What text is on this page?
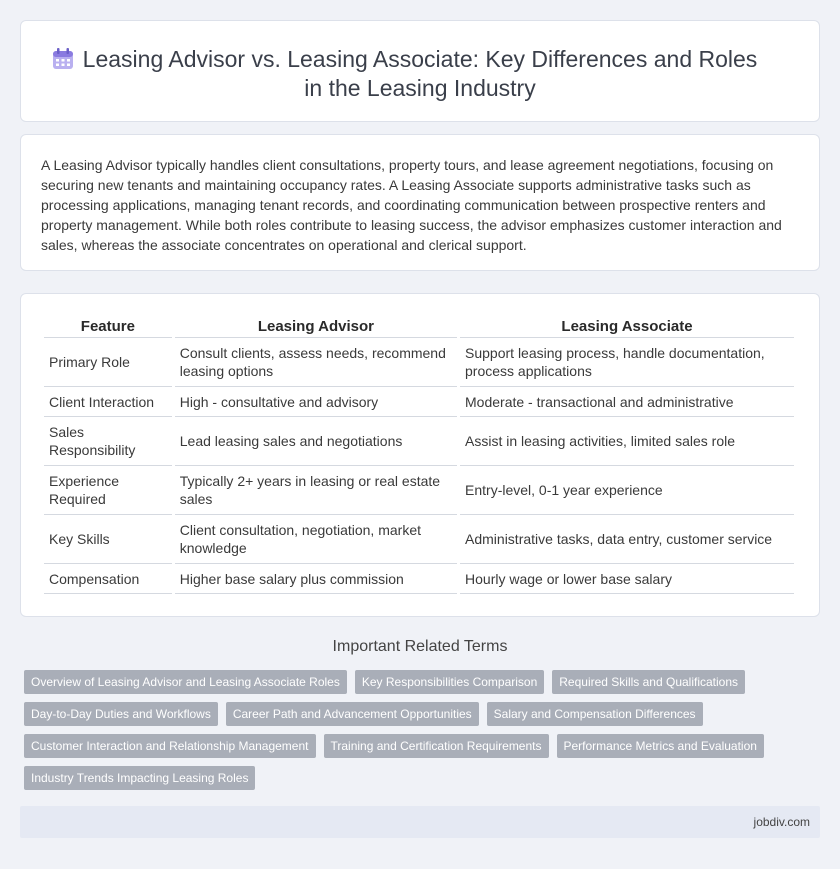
Leasing Advisor vs. Leasing Associate: Key Differences and Roles in the Leasing Industry

A Leasing Advisor typically handles client consultations, property tours, and lease agreement negotiations, focusing on securing new tenants and maintaining occupancy rates. A Leasing Associate supports administrative tasks such as processing applications, managing tenant records, and coordinating communication between prospective renters and property management. While both roles contribute to leasing success, the advisor emphasizes customer interaction and sales, whereas the associate concentrates on operational and clerical support.

Feature	Leasing Advisor	Leasing Associate
Primary Role	Consult clients, assess needs, recommend leasing options	Support leasing process, handle documentation, process applications
Client Interaction	High - consultative and advisory	Moderate - transactional and administrative
Sales Responsibility	Lead leasing sales and negotiations	Assist in leasing activities, limited sales role
Experience Required	Typically 2+ years in leasing or real estate sales	Entry-level, 0-1 year experience
Key Skills	Client consultation, negotiation, market knowledge	Administrative tasks, data entry, customer service
Compensation	Higher base salary plus commission	Hourly wage or lower base salary
Important Related Terms
Overview of Leasing Advisor and Leasing Associate Roles	Key Responsibilities Comparison	Required Skills and Qualifications
Day-to-Day Duties and Workflows	Career Path and Advancement Opportunities	Salary and Compensation Differences
Customer Interaction and Relationship Management	Training and Certification Requirements	Performance Metrics and Evaluation
Industry Trends Impacting Leasing Roles
jobdiv.com
